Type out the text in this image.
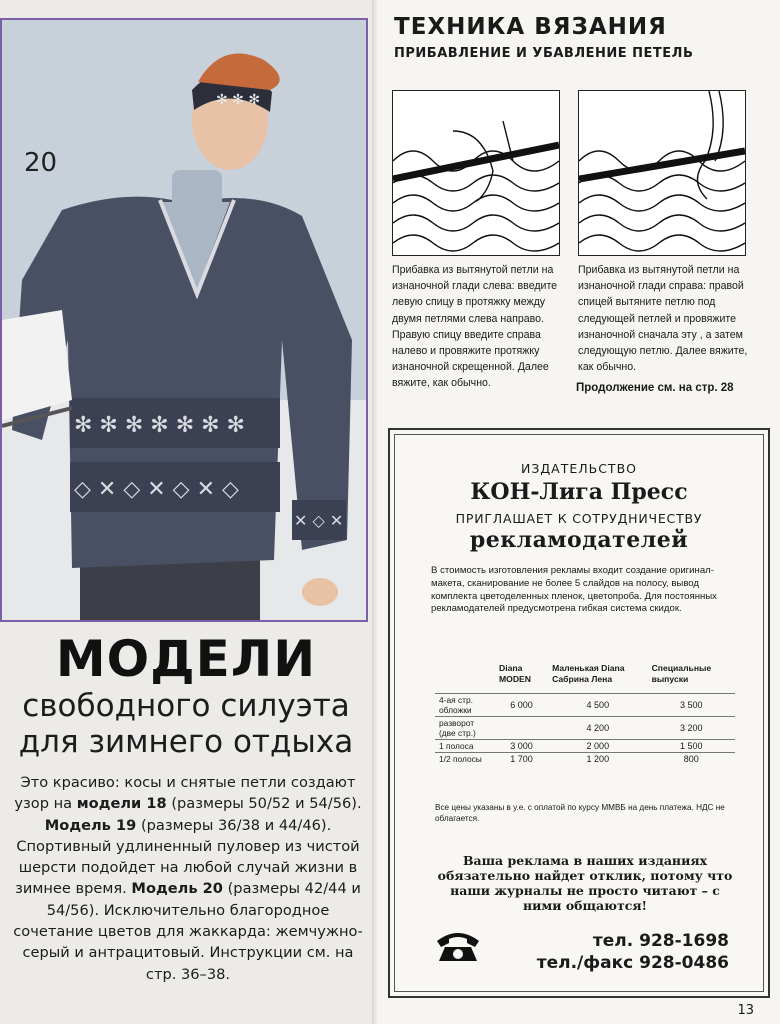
✻ ✻ ✻
✻ ✻ ✻ ✻ ✻ ✻ ✻
◇ ✕ ◇ ✕ ◇ ✕ ◇
✕ ◇ ✕
20
МОДЕЛИ
свободного силуэта
для зимнего отдыха
Это красиво: косы и снятые петли создают узор на модели 18 (размеры 50/52 и 54/56). Модель 19 (размеры 36/38 и 44/46). Спортивный удлиненный пуловер из чистой шерсти подойдет на любой случай жизни в зимнее время. Модель 20 (размеры 42/44 и 54/56). Исключительно благородное сочетание цветов для жаккарда: жемчужно-серый и антрацитовый. Инструкции см. на стр. 36–38.
ТЕХНИКА ВЯЗАНИЯ
ПРИБАВЛЕНИЕ И УБАВЛЕНИЕ ПЕТЕЛЬ
Прибавка из вытянутой петли на изнаночной глади слева: введите левую спицу в протяжку между двумя петлями слева направо. Правую спицу введите справа налево и провяжите протяжку изнаночной скрещенной. Далее вяжите, как обычно.
Прибавка из вытянутой петли на изнаночной глади справа: правой спицей вытяните петлю под следующей петлей и провяжите изнаночной сначала эту , а затем следующую петлю. Далее вяжите, как обычно.
Продолжение см. на стр. 28
ИЗДАТЕЛЬСТВО
КОН-Лига Пресс
ПРИГЛАШАЕТ К СОТРУДНИЧЕСТВУ
рекламодателей
В стоимость изготовления рекламы входит создание оригинал-макета, сканирование не более 5 слайдов на полосу, вывод комплекта цветоделенных пленок, цветопроба. Для постоянных рекламодателей предусмотрена гибкая система скидок.
	Diana MODEN	Маленькая Diana Сабрина Лена	Специальные выпуски
4-ая стр. обложки	6 000	4 500	3 500
разворот (две стр.)		4 200	3 200
1 полоса	3 000	2 000	1 500
1/2 полосы	1 700	1 200	800
Все цены указаны в у.е. с оплатой по курсу ММВБ на день платежа. НДС не облагается.
Ваша реклама в наших изданиях обязательно найдет отклик, потому что наши журналы не просто читают – с ними общаются!
тел. 928-1698
тел./факс 928-0486
13
